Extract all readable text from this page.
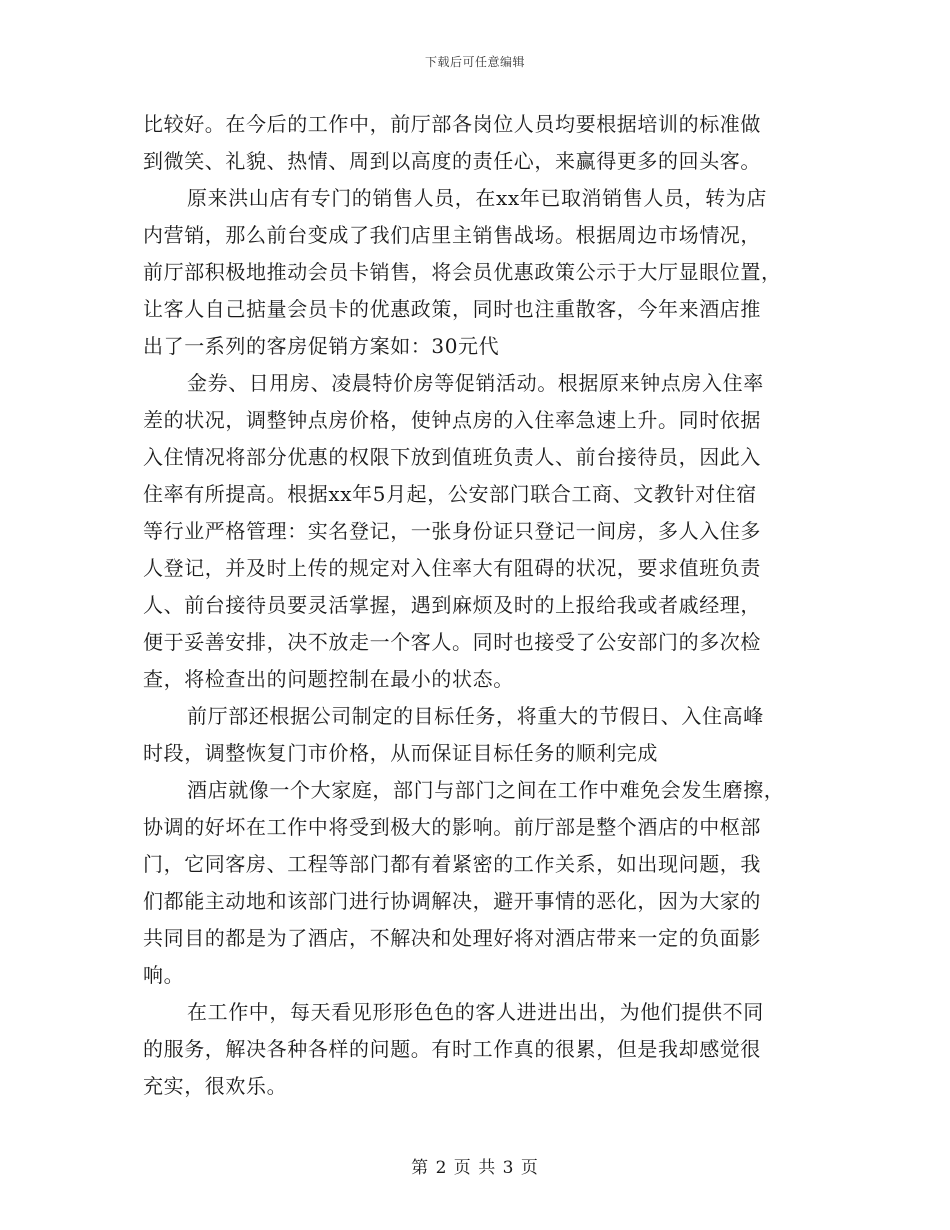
下载后可任意编辑
比较好。在今后的工作中，前厅部各岗位人员均要根据培训的标准做
到微笑、礼貌、热情、周到以高度的责任心，来赢得更多的回头客。
原来洪山店有专门的销售人员，在xx年已取消销售人员，转为店
内营销，那么前台变成了我们店里主销售战场。根据周边市场情况，
前厅部积极地推动会员卡销售，将会员优惠政策公示于大厅显眼位置，
让客人自己掂量会员卡的优惠政策，同时也注重散客，今年来酒店推
出了一系列的客房促销方案如：30元代
金券、日用房、凌晨特价房等促销活动。根据原来钟点房入住率
差的状况，调整钟点房价格，使钟点房的入住率急速上升。同时依据
入住情况将部分优惠的权限下放到值班负责人、前台接待员，因此入
住率有所提高。根据xx年5月起，公安部门联合工商、文教针对住宿
等行业严格管理：实名登记，一张身份证只登记一间房，多人入住多
人登记，并及时上传的规定对入住率大有阻碍的状况，要求值班负责
人、前台接待员要灵活掌握，遇到麻烦及时的上报给我或者戚经理，
便于妥善安排，决不放走一个客人。同时也接受了公安部门的多次检
查，将检查出的问题控制在最小的状态。
前厅部还根据公司制定的目标任务，将重大的节假日、入住高峰
时段，调整恢复门市价格，从而保证目标任务的顺利完成
酒店就像一个大家庭，部门与部门之间在工作中难免会发生磨擦，
协调的好坏在工作中将受到极大的影响。前厅部是整个酒店的中枢部
门，它同客房、工程等部门都有着紧密的工作关系，如出现问题，我
们都能主动地和该部门进行协调解决，避开事情的恶化，因为大家的
共同目的都是为了酒店，不解决和处理好将对酒店带来一定的负面影
响。
在工作中，每天看见形形色色的客人进进出出，为他们提供不同
的服务，解决各种各样的问题。有时工作真的很累，但是我却感觉很
充实，很欢乐。
第 2 页 共 3 页
